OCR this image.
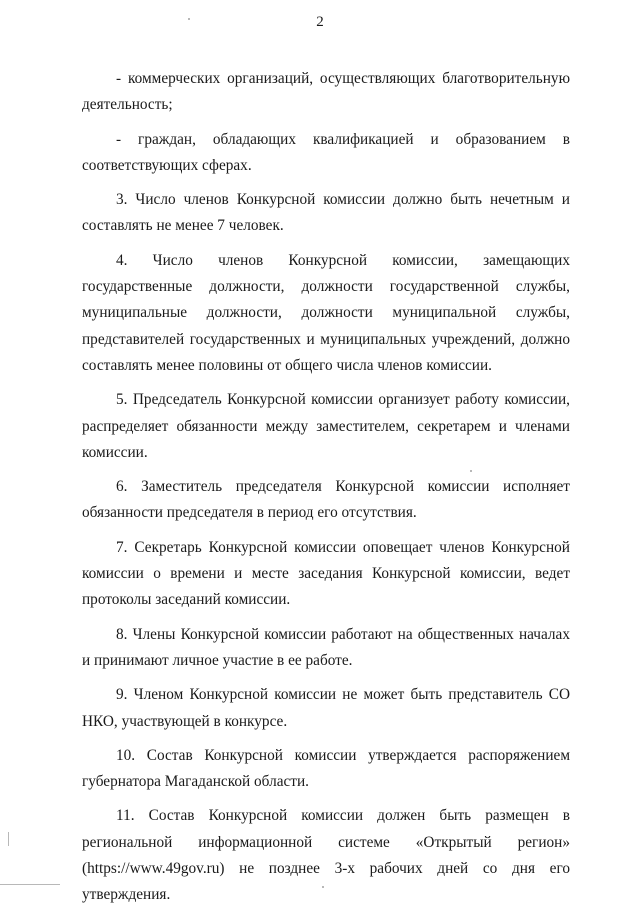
2

- коммерческих организаций, осуществляющих благотворительную деятельность;

- граждан, обладающих квалификацией и образованием в соответствующих сферах.

3. Число членов Конкурсной комиссии должно быть нечетным и составлять не менее 7 человек.

4. Число членов Конкурсной комиссии, замещающих государственные должности, должности государственной службы, муниципальные должности, должности муниципальной службы, представителей государственных и муниципальных учреждений, должно составлять менее половины от общего числа членов комиссии.

5. Председатель Конкурсной комиссии организует работу комиссии, распределяет обязанности между заместителем, секретарем и членами комиссии.

6. Заместитель председателя Конкурсной комиссии исполняет обязанности председателя в период его отсутствия.

7. Секретарь Конкурсной комиссии оповещает членов Конкурсной комиссии о времени и месте заседания Конкурсной комиссии, ведет протоколы заседаний комиссии.

8. Члены Конкурсной комиссии работают на общественных началах и принимают личное участие в ее работе.

9. Членом Конкурсной комиссии не может быть представитель СО НКО, участвующей в конкурсе.

10. Состав Конкурсной комиссии утверждается распоряжением губернатора Магаданской области.

11. Состав Конкурсной комиссии должен быть размещен в региональной информационной системе «Открытый регион» (https://www.49gov.ru) не позднее 3-х рабочих дней со дня его утверждения.
